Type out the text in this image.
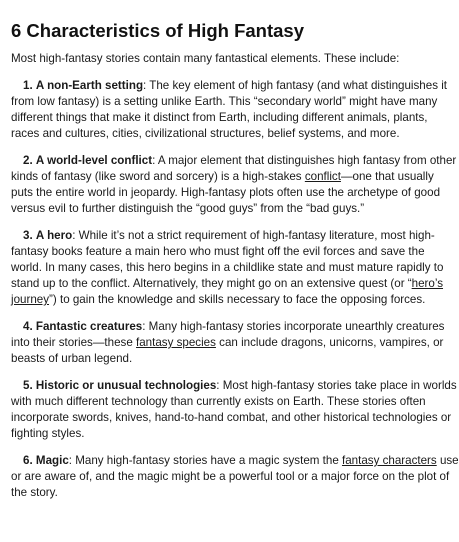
6 Characteristics of High Fantasy

Most high-fantasy stories contain many fantastical elements. These include:

1. A non-Earth setting: The key element of high fantasy (and what distinguishes it
from low fantasy) is a setting unlike Earth. This “secondary world” might have many
different things that make it distinct from Earth, including different animals, plants,
races and cultures, cities, civilizational structures, belief systems, and more.
2. A world-level conflict: A major element that distinguishes high fantasy from other
kinds of fantasy (like sword and sorcery) is a high-stakes conflict—one that usually
puts the entire world in jeopardy. High-fantasy plots often use the archetype of good
versus evil to further distinguish the “good guys” from the “bad guys.”
3. A hero: While it’s not a strict requirement of high-fantasy literature, most high-
fantasy books feature a main hero who must fight off the evil forces and save the
world. In many cases, this hero begins in a childlike state and must mature rapidly to
stand up to the conflict. Alternatively, they might go on an extensive quest (or “hero’s
journey”) to gain the knowledge and skills necessary to face the opposing forces.
4. Fantastic creatures: Many high-fantasy stories incorporate unearthly creatures
into their stories—these fantasy species can include dragons, unicorns, vampires, or
beasts of urban legend.
5. Historic or unusual technologies: Most high-fantasy stories take place in worlds
with much different technology than currently exists on Earth. These stories often
incorporate swords, knives, hand-to-hand combat, and other historical technologies or
fighting styles.
6. Magic: Many high-fantasy stories have a magic system the fantasy characters use
or are aware of, and the magic might be a powerful tool or a major force on the plot of
the story.
